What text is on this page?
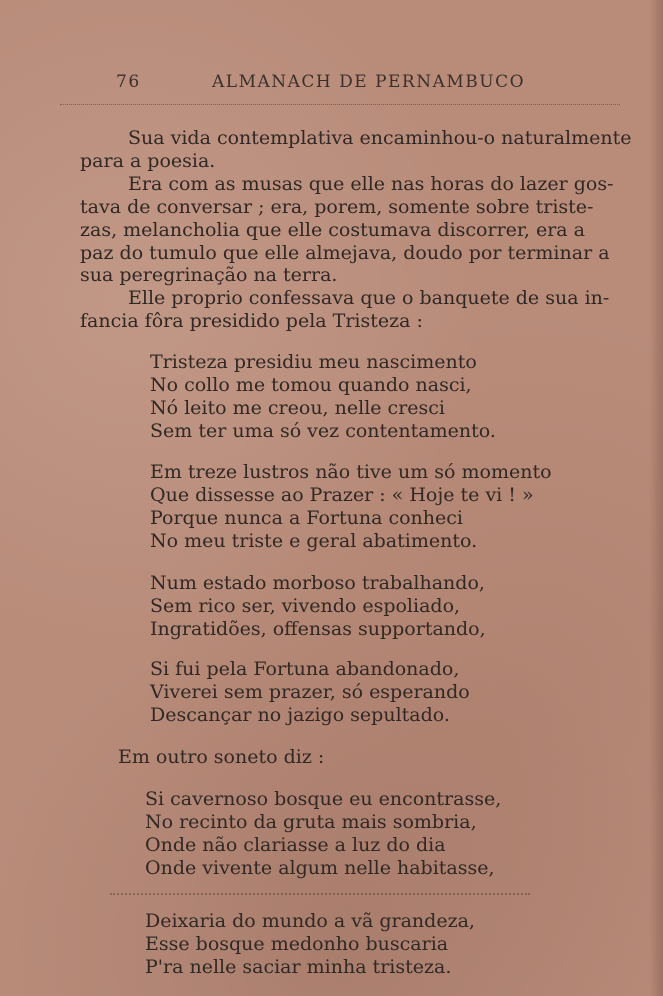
76	ALMANACH DE PERNAMBUCO
Sua vida contemplativa encaminhou-o naturalmente
para a poesia.
Era com as musas que elle nas horas do lazer gos-
tava de conversar ; era, porem, somente sobre triste-
zas, melancholia que elle costumava discorrer, era a
paz do tumulo que elle almejava, doudo por terminar a
sua peregrinação na terra.
Elle proprio confessava que o banquete de sua in-
fancia fôra presidido pela Tristeza :
Tristeza presidiu meu nascimento
No collo me tomou quando nasci,
Nó leito me creou, nelle cresci
Sem ter uma só vez contentamento.
Em treze lustros não tive um só momento
Que dissesse ao Prazer : « Hoje te vi ! »
Porque nunca a Fortuna conheci
No meu triste e geral abatimento.
Num estado morboso trabalhando,
Sem rico ser, vivendo espoliado,
Ingratidões, offensas supportando,
Si fui pela Fortuna abandonado,
Viverei sem prazer, só esperando
Descançar no jazigo sepultado.
Em outro soneto diz :
Si cavernoso bosque eu encontrasse,
No recinto da gruta mais sombria,
Onde não clariasse a luz do dia
Onde vivente algum nelle habitasse,
Deixaria do mundo a vã grandeza,
Esse bosque medonho buscaria
P'ra nelle saciar minha tristeza.
